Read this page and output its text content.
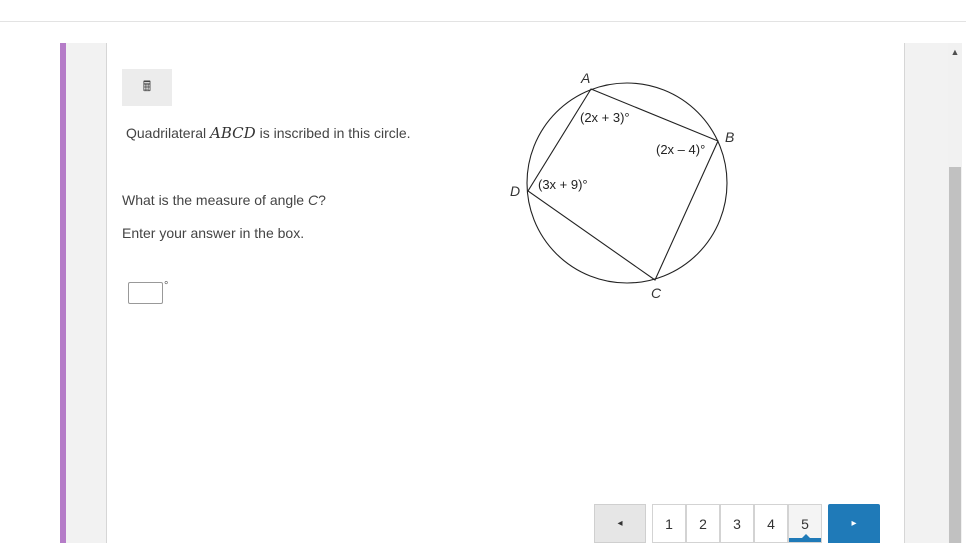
▲
🖩
Quadrilateral ABCD is inscribed in this circle.
What is the measure of angle C?
Enter your answer in the box.
°
A
B
C
D
(2x + 3)°
(2x – 4)°
(3x + 9)°
◂	1	2	3	4	5	▸
